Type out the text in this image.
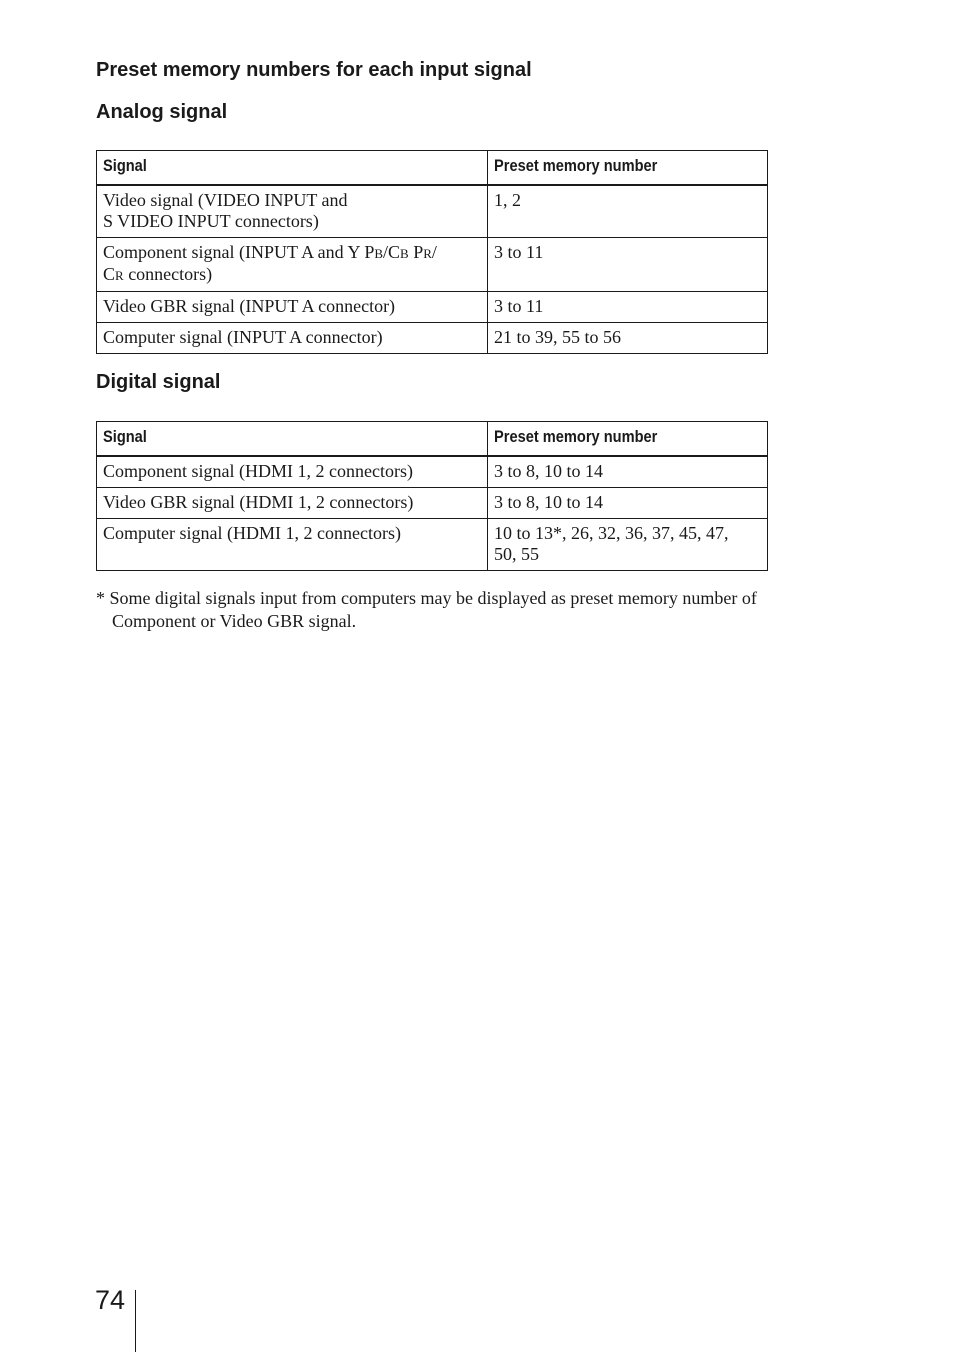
Preset memory numbers for each input signal
Analog signal
Signal	Preset memory number
Video signal (VIDEO INPUT and
S VIDEO INPUT connectors)	1, 2
Component signal (INPUT A and Y PB/CB PR/
CR connectors)	3 to 11
Video GBR signal (INPUT A connector)	3 to 11
Computer signal (INPUT A connector)	21 to 39, 55 to 56
Digital signal
Signal	Preset memory number
Component signal (HDMI 1, 2 connectors)	3 to 8, 10 to 14
Video GBR signal (HDMI 1, 2 connectors)	3 to 8, 10 to 14
Computer signal (HDMI 1, 2 connectors)	10 to 13*, 26, 32, 36, 37, 45, 47,
50, 55

* Some digital signals input from computers may be displayed as preset memory number of Component or Video GBR signal.

74
